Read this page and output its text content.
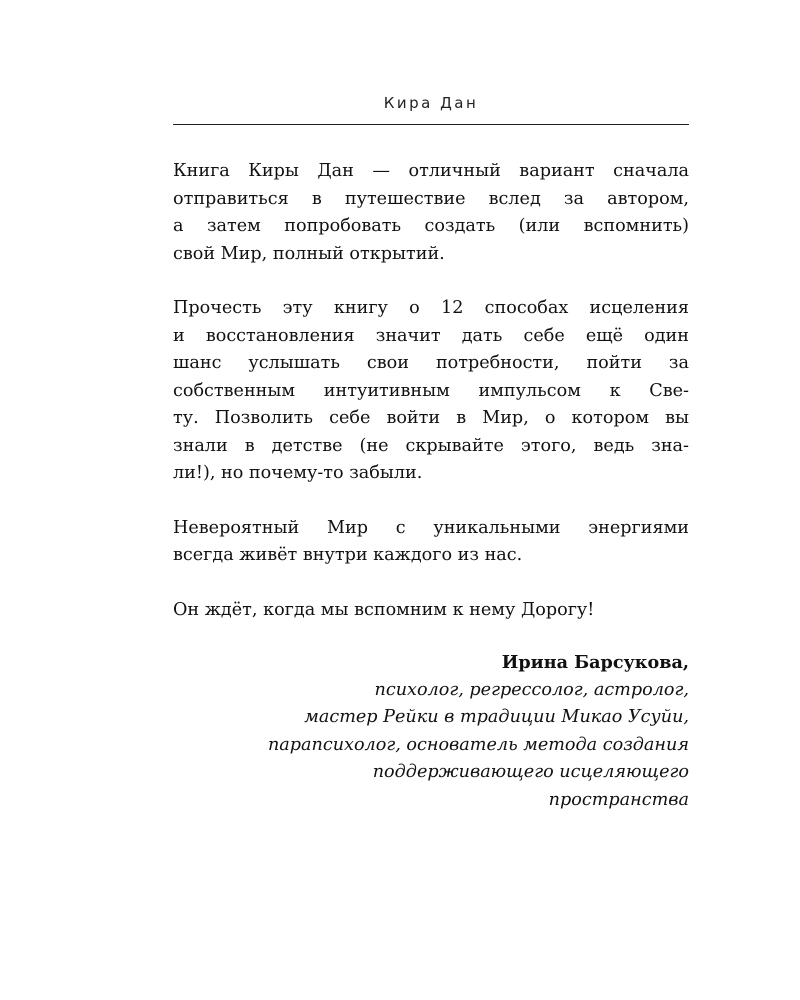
Кира Дан

Книга Киры Дан — отличный вариант сначала
отправиться в путешествие вслед за автором,
а затем попробовать создать (или вспомнить)
свой Мир, полный открытий.

Прочесть эту книгу о 12 способах исцеления
и восстановления значит дать себе ещё один
шанс услышать свои потребности, пойти за
собственным интуитивным импульсом к Све-
ту. Позволить себе войти в Мир, о котором вы
знали в детстве (не скрывайте этого, ведь зна-
ли!), но почему-то забыли.

Невероятный Мир с уникальными энергиями
всегда живёт внутри каждого из нас.

Он ждёт, когда мы вспомним к нему Дорогу!

Ирина Барсукова,
психолог, регрессолог, астролог,
мастер Рейки в традиции Микао Усуйи,
парапсихолог, основатель метода создания
поддерживающего исцеляющего
пространства
